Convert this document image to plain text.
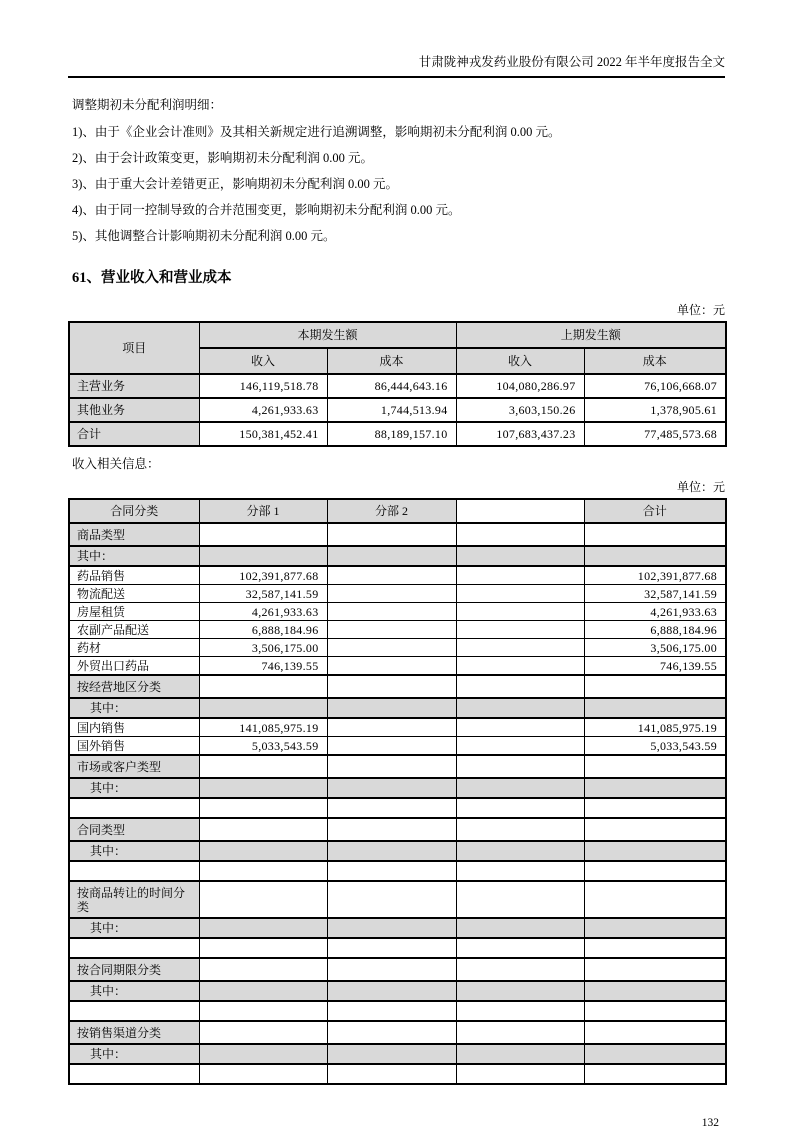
甘肃陇神戎发药业股份有限公司 2022 年半年度报告全文

调整期初未分配利润明细：

1)、由于《企业会计准则》及其相关新规定进行追溯调整，影响期初未分配利润 0.00 元。

2)、由于会计政策变更，影响期初未分配利润 0.00 元。

3)、由于重大会计差错更正，影响期初未分配利润 0.00 元。

4)、由于同一控制导致的合并范围变更，影响期初未分配利润 0.00 元。

5)、其他调整合计影响期初未分配利润 0.00 元。

61、营业收入和营业成本
单位：元
项目	本期发生额		上期发生额	
	收入	成本	收入	成本
主营业务	146,119,518.78	86,444,643.16	104,080,286.97	76,106,668.07
其他业务	4,261,933.63	1,744,513.94	3,603,150.26	1,378,905.61
合计	150,381,452.41	88,189,157.10	107,683,437.23	77,485,573.68

收入相关信息：

单位：元
合同分类	分部 1	分部 2		合计
商品类型				
其中：				
药品销售	102,391,877.68			102,391,877.68
物流配送	32,587,141.59			32,587,141.59
房屋租赁	4,261,933.63			4,261,933.63
农副产品配送	6,888,184.96			6,888,184.96
药材	3,506,175.00			3,506,175.00
外贸出口药品	746,139.55			746,139.55
按经营地区分类				
其中：				
国内销售	141,085,975.19			141,085,975.19
国外销售	5,033,543.59			5,033,543.59
市场或客户类型				
其中：				

合同类型				
其中：				

按商品转让的时间分类				
其中：				

按合同期限分类				
其中：				

按销售渠道分类				
其中：				

132
